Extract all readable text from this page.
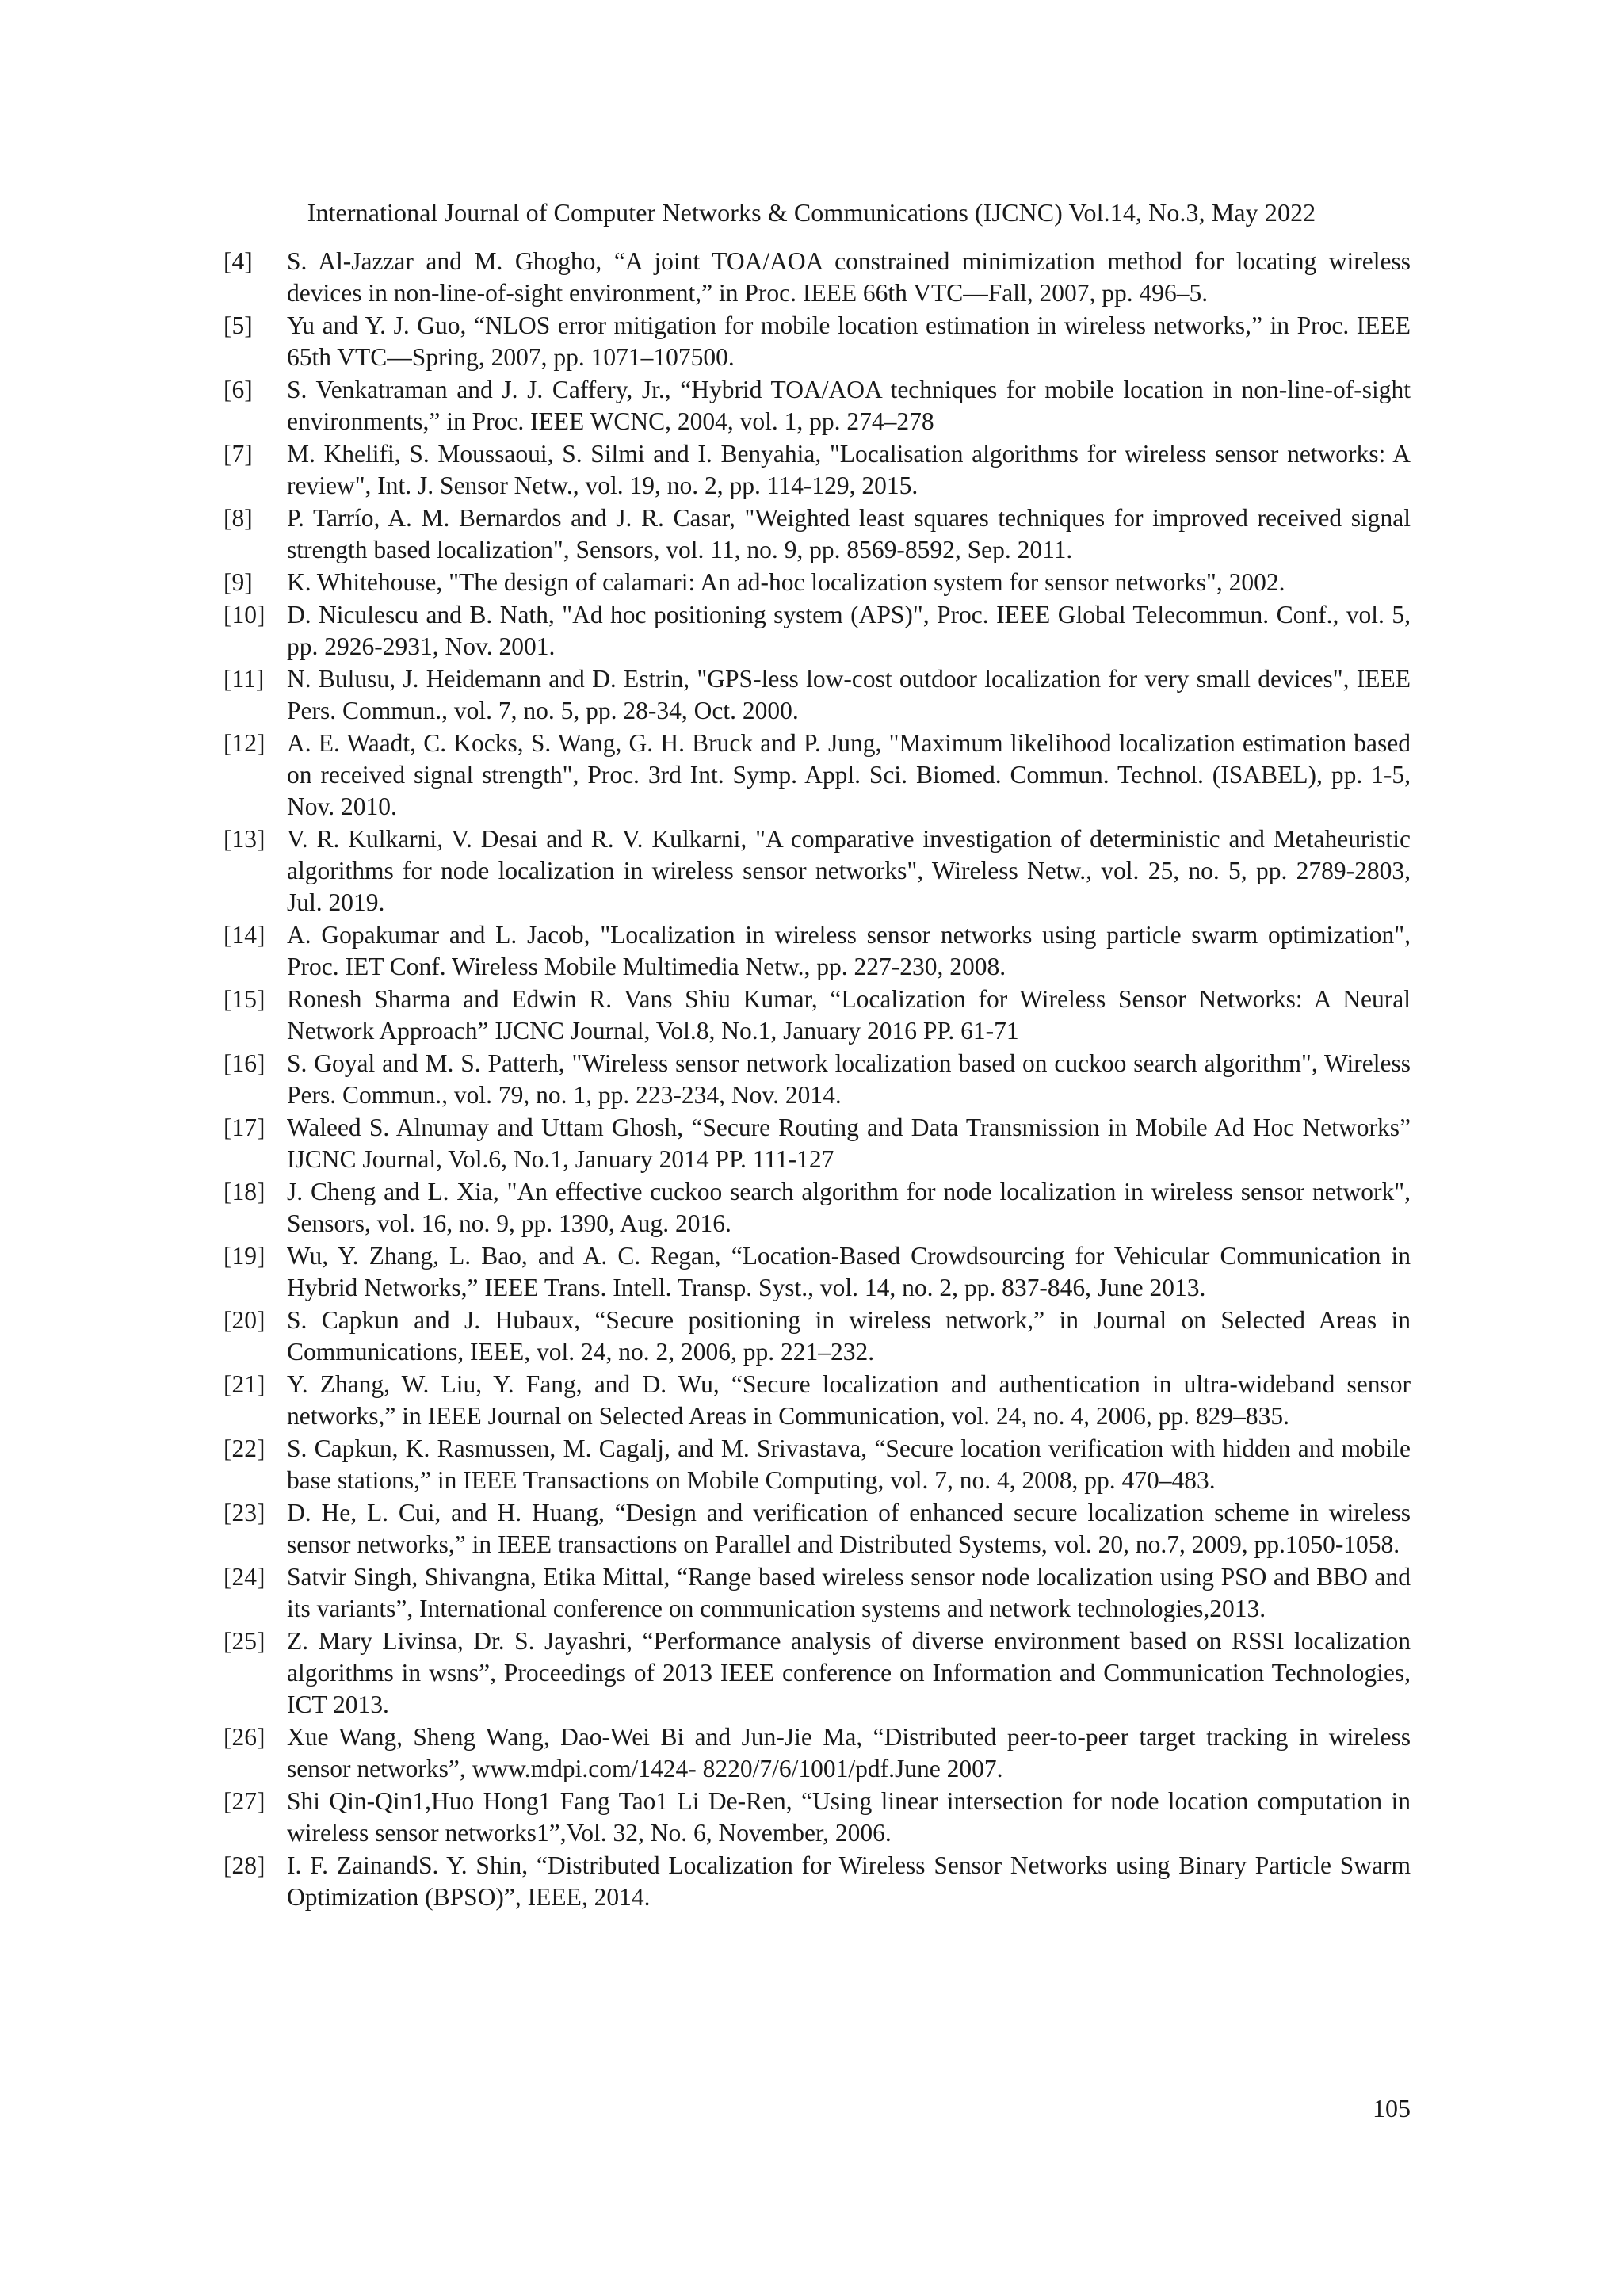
International Journal of Computer Networks & Communications (IJCNC) Vol.14, No.3, May 2022
[4] S. Al-Jazzar and M. Ghogho, “A joint TOA/AOA constrained minimization method for locating wireless devices in non-line-of-sight environment,” in Proc. IEEE 66th VTC—Fall, 2007, pp. 496–5.
[5] Yu and Y. J. Guo, “NLOS error mitigation for mobile location estimation in wireless networks,” in Proc. IEEE 65th VTC—Spring, 2007, pp. 1071–107500.
[6] S. Venkatraman and J. J. Caffery, Jr., “Hybrid TOA/AOA techniques for mobile location in non-line-of-sight environments,” in Proc. IEEE WCNC, 2004, vol. 1, pp. 274–278
[7] M. Khelifi, S. Moussaoui, S. Silmi and I. Benyahia, "Localisation algorithms for wireless sensor networks: A review", Int. J. Sensor Netw., vol. 19, no. 2, pp. 114-129, 2015.
[8] P. Tarrío, A. M. Bernardos and J. R. Casar, "Weighted least squares techniques for improved received signal strength based localization", Sensors, vol. 11, no. 9, pp. 8569-8592, Sep. 2011.
[9] K. Whitehouse, "The design of calamari: An ad-hoc localization system for sensor networks", 2002.
[10] D. Niculescu and B. Nath, "Ad hoc positioning system (APS)", Proc. IEEE Global Telecommun. Conf., vol. 5, pp. 2926-2931, Nov. 2001.
[11] N. Bulusu, J. Heidemann and D. Estrin, "GPS-less low-cost outdoor localization for very small devices", IEEE Pers. Commun., vol. 7, no. 5, pp. 28-34, Oct. 2000.
[12] A. E. Waadt, C. Kocks, S. Wang, G. H. Bruck and P. Jung, "Maximum likelihood localization estimation based on received signal strength", Proc. 3rd Int. Symp. Appl. Sci. Biomed. Commun. Technol. (ISABEL), pp. 1-5, Nov. 2010.
[13] V. R. Kulkarni, V. Desai and R. V. Kulkarni, "A comparative investigation of deterministic and Metaheuristic algorithms for node localization in wireless sensor networks", Wireless Netw., vol. 25, no. 5, pp. 2789-2803, Jul. 2019.
[14] A. Gopakumar and L. Jacob, "Localization in wireless sensor networks using particle swarm optimization", Proc. IET Conf. Wireless Mobile Multimedia Netw., pp. 227-230, 2008.
[15] Ronesh Sharma and Edwin R. Vans Shiu Kumar, “Localization for Wireless Sensor Networks: A Neural Network Approach” IJCNC Journal, Vol.8, No.1, January 2016 PP. 61-71
[16] S. Goyal and M. S. Patterh, "Wireless sensor network localization based on cuckoo search algorithm", Wireless Pers. Commun., vol. 79, no. 1, pp. 223-234, Nov. 2014.
[17] Waleed S. Alnumay and Uttam Ghosh, “Secure Routing and Data Transmission in Mobile Ad Hoc Networks” IJCNC Journal, Vol.6, No.1, January 2014 PP. 111-127
[18] J. Cheng and L. Xia, "An effective cuckoo search algorithm for node localization in wireless sensor network", Sensors, vol. 16, no. 9, pp. 1390, Aug. 2016.
[19] Wu, Y. Zhang, L. Bao, and A. C. Regan, “Location-Based Crowdsourcing for Vehicular Communication in Hybrid Networks,” IEEE Trans. Intell. Transp. Syst., vol. 14, no. 2, pp. 837-846, June 2013.
[20] S. Capkun and J. Hubaux, “Secure positioning in wireless network,” in Journal on Selected Areas in Communications, IEEE, vol. 24, no. 2, 2006, pp. 221–232.
[21] Y. Zhang, W. Liu, Y. Fang, and D. Wu, “Secure localization and authentication in ultra-wideband sensor networks,” in IEEE Journal on Selected Areas in Communication, vol. 24, no. 4, 2006, pp. 829–835.
[22] S. Capkun, K. Rasmussen, M. Cagalj, and M. Srivastava, “Secure location verification with hidden and mobile base stations,” in IEEE Transactions on Mobile Computing, vol. 7, no. 4, 2008, pp. 470–483.
[23] D. He, L. Cui, and H. Huang, “Design and verification of enhanced secure localization scheme in wireless sensor networks,” in IEEE transactions on Parallel and Distributed Systems, vol. 20, no.7, 2009, pp.1050-1058.
[24] Satvir Singh, Shivangna, Etika Mittal, “Range based wireless sensor node localization using PSO and BBO and its variants”, International conference on communication systems and network technologies,2013.
[25] Z. Mary Livinsa, Dr. S. Jayashri, “Performance analysis of diverse environment based on RSSI localization algorithms in wsns”, Proceedings of 2013 IEEE conference on Information and Communication Technologies, ICT 2013.
[26] Xue Wang, Sheng Wang, Dao-Wei Bi and Jun-Jie Ma, “Distributed peer-to-peer target tracking in wireless sensor networks”, www.mdpi.com/1424- 8220/7/6/1001/pdf.June 2007.
[27] Shi Qin-Qin1,Huo Hong1 Fang Tao1 Li De-Ren, “Using linear intersection for node location computation in wireless sensor networks1”,Vol. 32, No. 6, November, 2006.
[28] I. F. ZainandS. Y. Shin, “Distributed Localization for Wireless Sensor Networks using Binary Particle Swarm Optimization (BPSO)”, IEEE, 2014.
105
